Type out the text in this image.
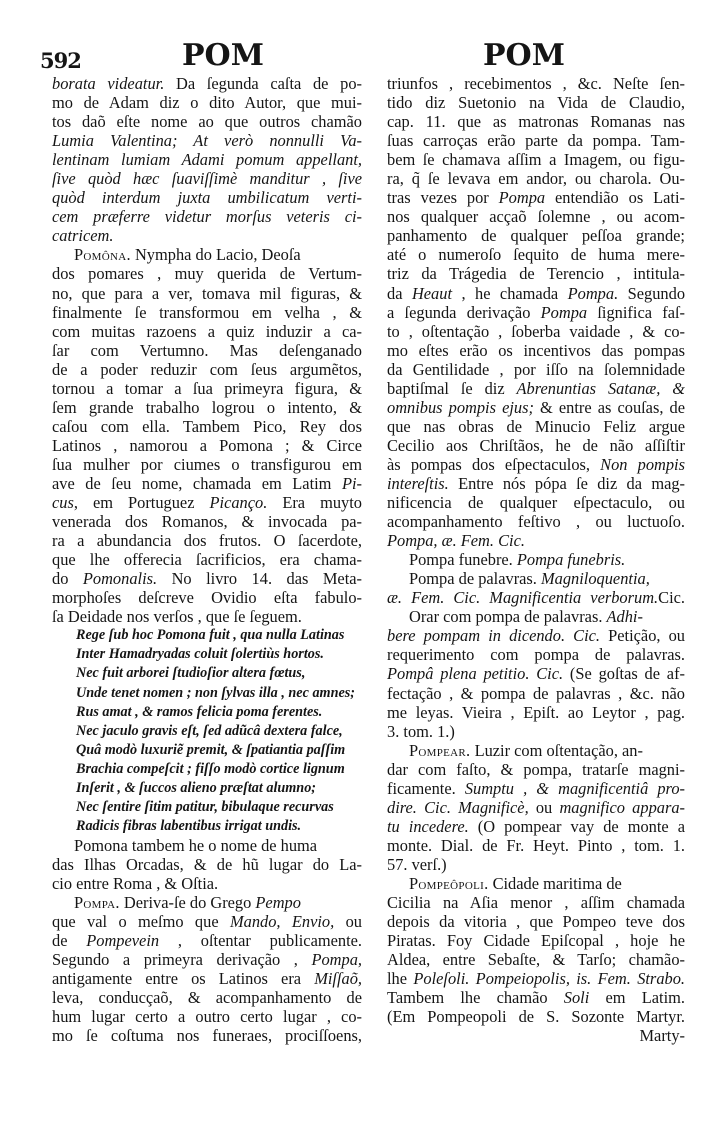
592	POM	POM
borata videatur. Da ſegunda caſta de po-
mo de Adam diz o dito Autor, que mui-
tos daõ eſte nome ao que outros chamão
Lumia Valentina; At verò nonnulli Va-
lentinam lumiam Adami pomum appellant,
ſive quòd hæc ſuaviſſimè manditur , ſive
quòd interdum juxta umbilicatum verti-
cem præferre videtur morſus veteris ci-
catricem.
Pomôna. Nympha do Lacio, Deoſa
dos pomares , muy querida de Vertum-
no, que para a ver, tomava mil figuras, &
finalmente ſe transformou em velha , &
com muitas razoens a quiz induzir a ca-
ſar com Vertumno. Mas deſenganado
de a poder reduzir com ſeus argumẽtos,
tornou a tomar a ſua primeyra figura, &
ſem grande trabalho logrou o intento, &
caſou com ella. Tambem Pico, Rey dos
Latinos , namorou a Pomona ; & Circe
ſua mulher por ciumes o transfigurou em
ave de ſeu nome, chamada em Latim Pi-
cus, em Portuguez Picanço. Era muyto
venerada dos Romanos, & invocada pa-
ra a abundancia dos frutos. O ſacerdote,
que lhe offerecia ſacrificios, era chama-
do Pomonalis. No livro 14. das Meta-
morphoſes deſcreve Ovidio eſta fabulo-
ſa Deidade nos verſos , que ſe ſeguem.
Rege ſub hoc Pomona fuit , qua nulla Latinas
Inter Hamadryadas coluit ſolertiùs hortos.
Nec fuit arborei ſtudioſior altera fœtus,
Unde tenet nomen ; non ſylvas illa , nec amnes;
Rus amat , & ramos felicia poma ferentes.
Nec jaculo gravis eſt, ſed adũcâ dextera falce,
Quâ modò luxuriẽ premit, & ſpatiantia paſſim
Brachia compeſcit ; fiſſo modò cortice lignum
Inſerit , & ſuccos alieno præſtat alumno;
Nec ſentire ſitim patitur, bibulaque recurvas
Radicis fibras labentibus irrigat undis.
Pomona tambem he o nome de huma
das Ilhas Orcadas, & de hũ lugar do La-
cio entre Roma , & Oſtia.
Pompa. Deriva-ſe do Grego Pempo
que val o meſmo que Mando, Envio, ou
de Pompevein , oſtentar publicamente.
Segundo a primeyra derivação , Pompa,
antigamente entre os Latinos era Miſſaõ,
leva, conducçaõ, & acompanhamento de
hum lugar certo a outro certo lugar , co-
mo ſe coſtuma nos funeraes, prociſſoens,
triunfos , recebimentos , &c. Neſte ſen-
tido diz Suetonio na Vida de Claudio,
cap. 11. que as matronas Romanas nas
ſuas carroças erão parte da pompa. Tam-
bem ſe chamava aſſim a Imagem, ou figu-
ra, q̃ ſe levava em andor, ou charola. Ou-
tras vezes por Pompa entendião os Lati-
nos qualquer acçaõ ſolemne , ou acom-
panhamento de qualquer peſſoa grande;
até o numeroſo ſequito de huma mere-
triz da Trágedia de Terencio , intitula-
da Heaut , he chamada Pompa. Segundo
a ſegunda derivação Pompa ſignifica faſ-
to , oſtentação , ſoberba vaidade , & co-
mo eſtes erão os incentivos das pompas
da Gentilidade , por iſſo na ſolemnidade
baptiſmal ſe diz Abrenuntias Satanæ, &
omnibus pompis ejus; & entre as couſas, de
que nas obras de Minucio Feliz argue
Cecilio aos Chriſtãos, he de não aſſiſtir
às pompas dos eſpectaculos, Non pompis
intereſtis. Entre nós pópa ſe diz da mag-
nificencia de qualquer eſpectaculo, ou
acompanhamento feſtivo , ou luctuoſo.
Pompa, æ. Fem. Cic.
Pompa funebre. Pompa funebris.
Pompa de palavras. Magniloquentia,
æ. Fem. Cic. Magnificentia verborum.Cic.
Orar com pompa de palavras. Adhi-
bere pompam in dicendo. Cic. Petição, ou
requerimento com pompa de palavras.
Pompâ plena petitio. Cic. (Se goſtas de af-
fectação , & pompa de palavras , &c. não
me leyas. Vieira , Epiſt. ao Leytor , pag.
3. tom. 1.)
Pompear. Luzir com oſtentação, an-
dar com faſto, & pompa, tratarſe magni-
ficamente. Sumptu , & magnificentiâ pro-
dire. Cic. Magnificè, ou magnifico appara-
tu incedere. (O pompear vay de monte a
monte. Dial. de Fr. Heyt. Pinto , tom. 1.
57. verſ.)
Pompeôpoli. Cidade maritima de
Cicilia na Aſia menor , aſſim chamada
depois da vitoria , que Pompeo teve dos
Piratas. Foy Cidade Epiſcopal , hoje he
Aldea, entre Sebaſte, & Tarſo; chamão-
lhe Poleſoli. Pompeiopolis, is. Fem. Strabo.
Tambem lhe chamão Soli em Latim.
(Em Pompeopoli de S. Sozonte Martyr.
Marty-
